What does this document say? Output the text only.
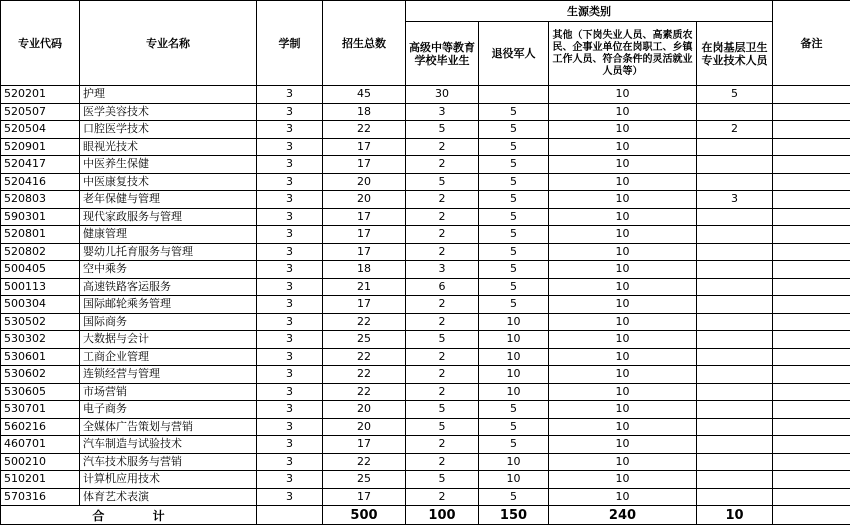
专业代码	专业名称	学制	招生总数	生源类别				备注
				高级中等教育学校毕业生	退役军人	其他（下岗失业人员、高素质农民、企事业单位在岗职工、乡镇工作人员、符合条件的灵活就业人员等）	在岗基层卫生专业技术人员	
520201	护理	3	45	30		10	5	
520507	医学美容技术	3	18	3	5	10		
520504	口腔医学技术	3	22	5	5	10	2	
520901	眼视光技术	3	17	2	5	10		
520417	中医养生保健	3	17	2	5	10		
520416	中医康复技术	3	20	5	5	10		
520803	老年保健与管理	3	20	2	5	10	3	
590301	现代家政服务与管理	3	17	2	5	10		
520801	健康管理	3	17	2	5	10		
520802	婴幼儿托育服务与管理	3	17	2	5	10		
500405	空中乘务	3	18	3	5	10		
500113	高速铁路客运服务	3	21	6	5	10		
500304	国际邮轮乘务管理	3	17	2	5	10		
530502	国际商务	3	22	2	10	10		
530302	大数据与会计	3	25	5	10	10		
530601	工商企业管理	3	22	2	10	10		
530602	连锁经营与管理	3	22	2	10	10		
530605	市场营销	3	22	2	10	10		
530701	电子商务	3	20	5	5	10		
560216	全媒体广告策划与营销	3	20	5	5	10		
460701	汽车制造与试验技术	3	17	2	5	10		
500210	汽车技术服务与营销	3	22	2	10	10		
510201	计算机应用技术	3	25	5	10	10		
570316	体育艺术表演	3	17	2	5	10		
合 计			500	100	150	240	10	
